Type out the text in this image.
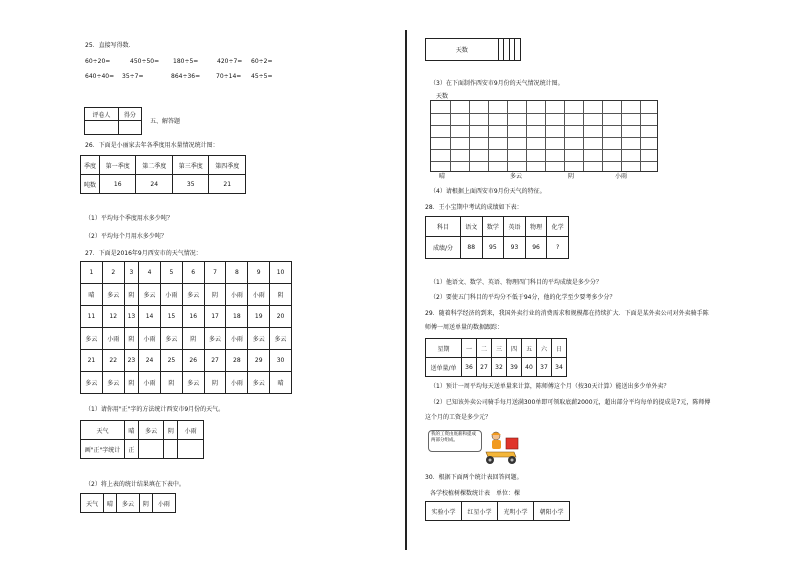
25．直接写得数．
60÷20=	450÷50= 180÷5=	420÷7= 60÷2=
640÷40= 35÷7=	864÷36=	70÷14= 45÷5=
评卷人	得分

五、解答题
26．下面是小丽家去年各季度用水量情况统计图：
季度	第一季度	第二季度	第三季度	第四季度
吨数	16	24	35	21
（1）平均每个季度用水多少吨？
（2）平均每个月用水多少吨？
27．下面是2016年9月西安市的天气情况：
1	2	3	4	5	6	7	8	9	10
晴	多云	阴	多云	小雨	多云	阴	小雨	小雨	阴
11	12	13	14	15	16	17	18	19	20
多云	小雨	阴	小雨	多云	阴	多云	小雨	多云	多云
21	22	23	24	25	26	27	28	29	30
多云	多云	阴	小雨	阴	多云	阴	小雨	多云	晴
（1）请你用"正"字的方法统计西安市9月份的天气。
天气	晴	多云	阴	小雨
画"正"字统计	正			
（2）将上表的统计结果填在下表中。
天气	晴	多云	阴	小雨
天数				
（3）在下面制作西安市9月份的天气情况统计图。
天数
晴	多云	阴	小雨
（4）请根据上面西安市9月份天气的特征。
28．王小宝期中考试的成绩如下表：
科目	语文	数学	英语	物理	化学
成绩/分	88	95	93	96	?
（1）他语文、数学、英语、物理四门科目的平均成绩是多少分？
（2）要使五门科目的平均分不低于94分，他的化学至少要考多少分？
29．随着科学经济的到来，我国外卖行业的消费需求和规模都在持续扩大．下面是某外卖公司对外卖骑手陈
师傅一周送单量的数据跟踪：
星期	一	二	三	四	五	六	日
送单量/单	36	27	32	39	40	37	34
（1）预计一周平均每天送单量来计算，陈师傅这个月（按30天计算）能送出多少单外卖？
（2）已知该外卖公司骑手每月送满300单即可领取底薪2000元，超出部分平均每单的提成是7元，陈师傅
这个月的工资是多少元？
我的工资由底薪和提成两部分组成。
30．根据下面两个统计表回答问题。
各学校植树棵数统计表　单位：棵
实验小学	红星小学	光明小学	朝阳小学
